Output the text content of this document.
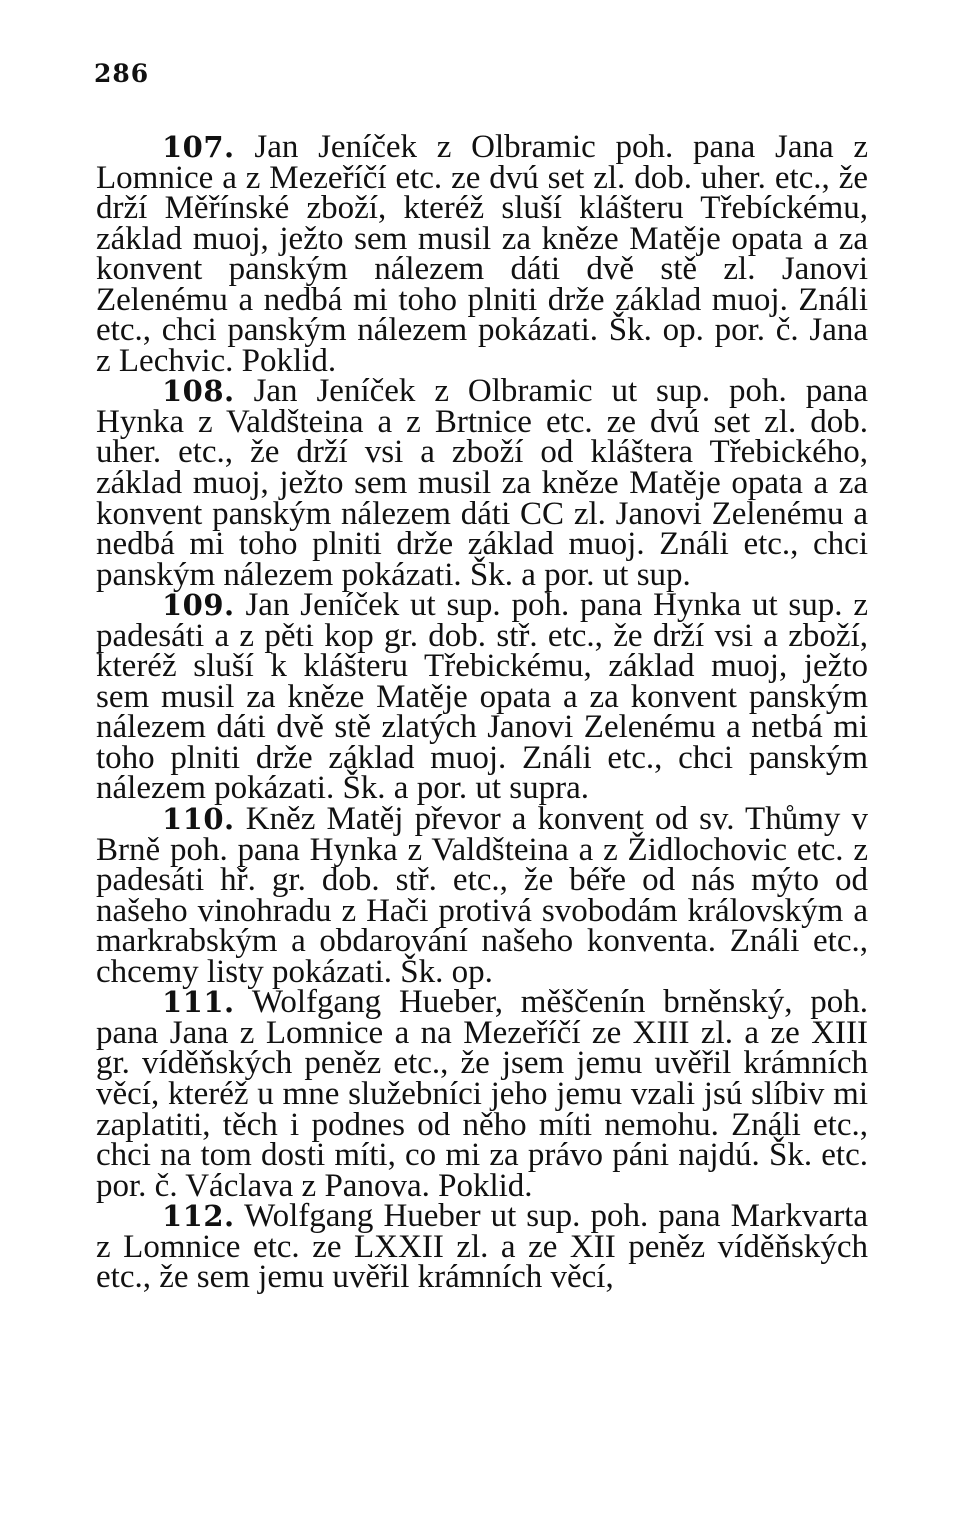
286

107. Jan Jeníček z Olbramic poh. pana Jana z Lomnice a z Mezeříčí etc. ze dvú set zl. dob. uher. etc., že drží Měřínské zboží, kteréž sluší klášteru Třebíckému, základ muoj, ježto sem musil za kněze Matěje opata a za konvent panským nálezem dáti dvě stě zl. Janovi Zelenému a nedbá mi toho plniti drže základ muoj. Ználi etc., chci panským nálezem pokázati. Šk. op. por. č. Jana z Lechvic. Poklid.

108. Jan Jeníček z Olbramic ut sup. poh. pana Hynka z Valdšteina a z Brtnice etc. ze dvú set zl. dob. uher. etc., že drží vsi a zboží od kláštera Třebického, základ muoj, ježto sem musil za kněze Matěje opata a za konvent panským nálezem dáti CC zl. Janovi Zelenému a nedbá mi toho plniti drže základ muoj. Ználi etc., chci panským nálezem pokázati. Šk. a por. ut sup.

109. Jan Jeníček ut sup. poh. pana Hynka ut sup. z padesáti a z pěti kop gr. dob. stř. etc., že drží vsi a zboží, kteréž sluší k klášteru Třebickému, základ muoj, ježto sem musil za kněze Matěje opata a za konvent panským nálezem dáti dvě stě zlatých Janovi Zelenému a netbá mi toho plniti drže základ muoj. Ználi etc., chci panským nálezem pokázati. Šk. a por. ut supra.

110. Kněz Matěj převor a konvent od sv. Thůmy v Brně poh. pana Hynka z Valdšteina a z Židlochovic etc. z padesáti hř. gr. dob. stř. etc., že béře od nás mýto od našeho vinohradu z Hači protivá svobodám královským a markrabským a obdarování našeho konventa. Ználi etc., chcemy listy pokázati. Šk. op.

111. Wolfgang Hueber, měščenín brněnský, poh. pana Jana z Lomnice a na Mezeříčí ze XIII zl. a ze XIII gr. víděňských peněz etc., že jsem jemu uvěřil krámních věcí, kteréž u mne služebníci jeho jemu vzali jsú slíbiv mi zaplatiti, těch i podnes od něho míti nemohu. Ználi etc., chci na tom dosti míti, co mi za právo páni najdú. Šk. etc. por. č. Václava z Panova. Poklid.

112. Wolfgang Hueber ut sup. poh. pana Markvarta z Lomnice etc. ze LXXII zl. a ze XII peněz víděňských etc., že sem jemu uvěřil krámních věcí,
